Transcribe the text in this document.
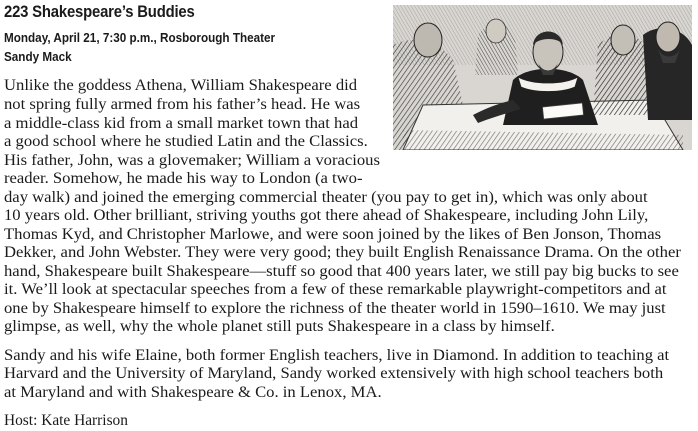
223 Shakespeare’s Buddies
Monday, April 21, 7:30 p.m., Rosborough Theater
Sandy Mack
Unlike the goddess Athena, William Shakespeare did
not spring fully armed from his father’s head. He was
a middle-class kid from a small market town that had
a good school where he studied Latin and the Classics.
His father, John, was a glovemaker; William a voracious
reader. Somehow, he made his way to London (a two-
day walk) and joined the emerging commercial theater (you pay to get in), which was only about
10 years old. Other brilliant, striving youths got there ahead of Shakespeare, including John Lily,
Thomas Kyd, and Christopher Marlowe, and were soon joined by the likes of Ben Jonson, Thomas
Dekker, and John Webster. They were very good; they built English Renaissance Drama. On the other
hand, Shakespeare built Shakespeare—stuff so good that 400 years later, we still pay big bucks to see
it. We’ll look at spectacular speeches from a few of these remarkable playwright-competitors and at
one by Shakespeare himself to explore the richness of the theater world in 1590–1610. We may just
glimpse, as well, why the whole planet still puts Shakespeare in a class by himself.
Sandy and his wife Elaine, both former English teachers, live in Diamond. In addition to teaching at
Harvard and the University of Maryland, Sandy worked extensively with high school teachers both
at Maryland and with Shakespeare & Co. in Lenox, MA.
Host: Kate Harrison
